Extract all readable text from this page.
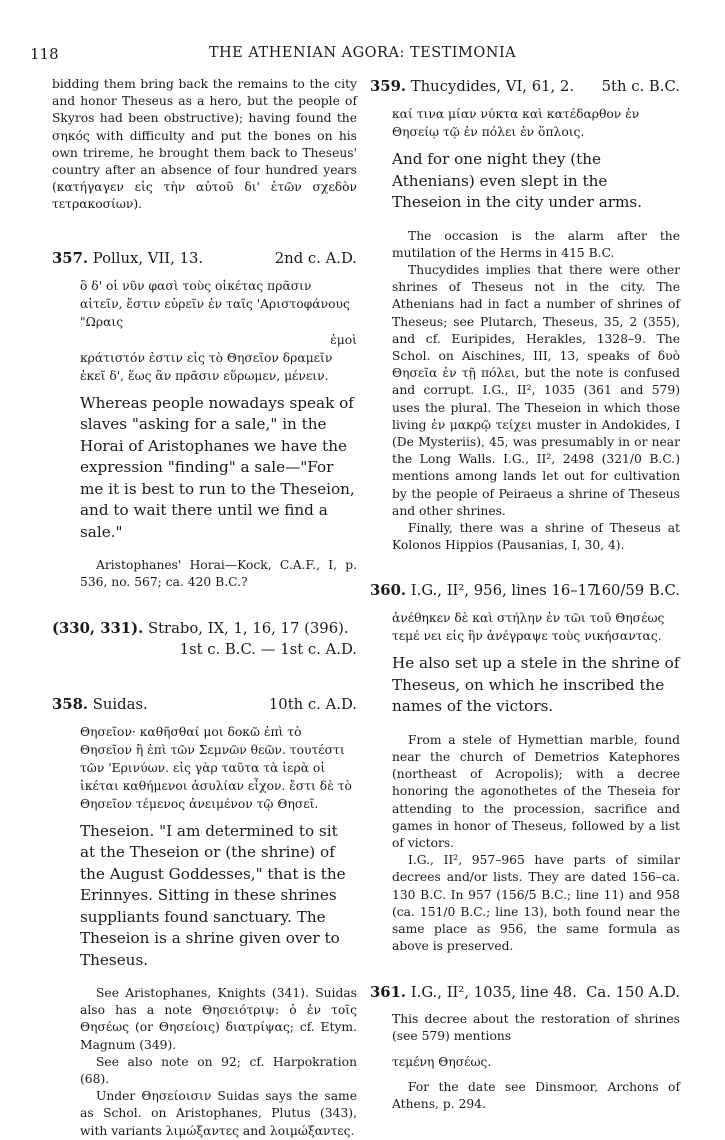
118	THE ATHENIAN AGORA: TESTIMONIA

bidding them bring back the remains to the city and honor Theseus as a hero, but the people of Skyros had been obstructive); having found the σηκός with difficulty and put the bones on his own trireme, he brought them back to Theseus' country after an absence of four hundred years (κατήγαγεν εἰς τὴν αὐτοῦ δι' ἐτῶν σχεδὸν τετρακοσίων).

357. Pollux, VII, 13.	2nd c. A.D.

ὃ δ' οἱ νῦν φασὶ τοὺς οἰκέτας πρᾶσιν αἰτεῖν, ἔστιν εὑρεῖν ἐν ταῖς 'Αριστοφάνους "Ωραις

ἐμοὶ

κράτιστόν ἐστιν εἰς τὸ Θησεῖον δραμεῖν ἐκεῖ δ', ἕως ἂν πρᾶσιν εὕρωμεν, μένειν.

Whereas people nowadays speak of slaves "asking for a sale," in the Horai of Aristophanes we have the expression "finding" a sale—"For me it is best to run to the Theseion, and to wait there until we find a sale."

Aristophanes' Horai—Kock, C.A.F., I, p. 536, no. 567; ca. 420 B.C.?

(330, 331). Strabo, IX, 1, 16, 17 (396).
1st c. B.C. — 1st c. A.D.
358. Suidas.	10th c. A.D.

Θησεῖον· καθῆσθαί μοι δοκῶ ἐπὶ τὸ Θησεῖον ἢ ἐπὶ τῶν Σεμνῶν θεῶν. τουτέστι τῶν 'Ερινύων. εἰς γὰρ ταῦτα τὰ ἱερὰ οἱ ἱκέται καθήμενοι ἀσυλίαν εἶχον. ἔστι δὲ τὸ Θησεῖον τέμενος ἀνειμένον τῷ Θησεῖ.

Theseion. "I am determined to sit at the Theseion or (the shrine) of the August Goddesses," that is the Erinnyes. Sitting in these shrines suppliants found sanctuary. The Theseion is a shrine given over to Theseus.

See Aristophanes, Knights (341). Suidas also has a note Θησειότριψ: ὁ ἐν τοῖς Θησέως (or Θησείοις) διατρίψας; cf. Etym. Magnum (349).

See also note on 92; cf. Harpokration (68).

Under Θησείοισιν Suidas says the same as Schol. on Aristophanes, Plutus (343), with variants λιμώξαντες and λοιμώξαντες.

359. Thucydides, VI, 61, 2. 5th c. B.C.

καί τινα μίαν νύκτα καὶ κατέδαρθον ἐν Θησείῳ τῷ ἐν πόλει ἐν ὅπλοις.

And for one night they (the Athenians) even slept in the Theseion in the city under arms.

The occasion is the alarm after the mutilation of the Herms in 415 B.C.

Thucydides implies that there were other shrines of Theseus not in the city. The Athenians had in fact a number of shrines of Theseus; see Plutarch, Theseus, 35, 2 (355), and cf. Euripides, Herakles, 1328–9. The Schol. on Aischines, III, 13, speaks of δυὸ Θησεῖα ἐν τῇ πόλει, but the note is confused and corrupt. I.G., II², 1035 (361 and 579) uses the plural. The Theseion in which those living ἐν μακρῷ τείχει muster in Andokides, I (De Mysteriis), 45, was presumably in or near the Long Walls. I.G., II², 2498 (321/0 B.C.) mentions among lands let out for cultivation by the people of Peiraeus a shrine of Theseus and other shrines.

Finally, there was a shrine of Theseus at Kolonos Hippios (Pausanias, I, 30, 4).

360. I.G., II², 956, lines 16–17.
160/59 B.C.

ἀνέθηκεν δὲ καὶ στήλην ἐν τῶι τοῦ Θησέως τεμέ νει εἰς ἣν ἀνέγραψε τοὺς νικήσαντας.

He also set up a stele in the shrine of Theseus, on which he inscribed the names of the victors.

From a stele of Hymettian marble, found near the church of Demetrios Katephores (northeast of Acropolis); with a decree honoring the agonothetes of the Theseia for attending to the procession, sacrifice and games in honor of Theseus, followed by a list of victors.

I.G., II², 957–965 have parts of similar decrees and/or lists. They are dated 156–ca. 130 B.C. In 957 (156/5 B.C.; line 11) and 958 (ca. 151/0 B.C.; line 13), both found near the same place as 956, the same formula as above is preserved.

361. I.G., II², 1035, line 48. Ca. 150 A.D.

This decree about the restoration of shrines (see 579) mentions

τεμένη Θησέως.

For the date see Dinsmoor, Archons of Athens, p. 294.
